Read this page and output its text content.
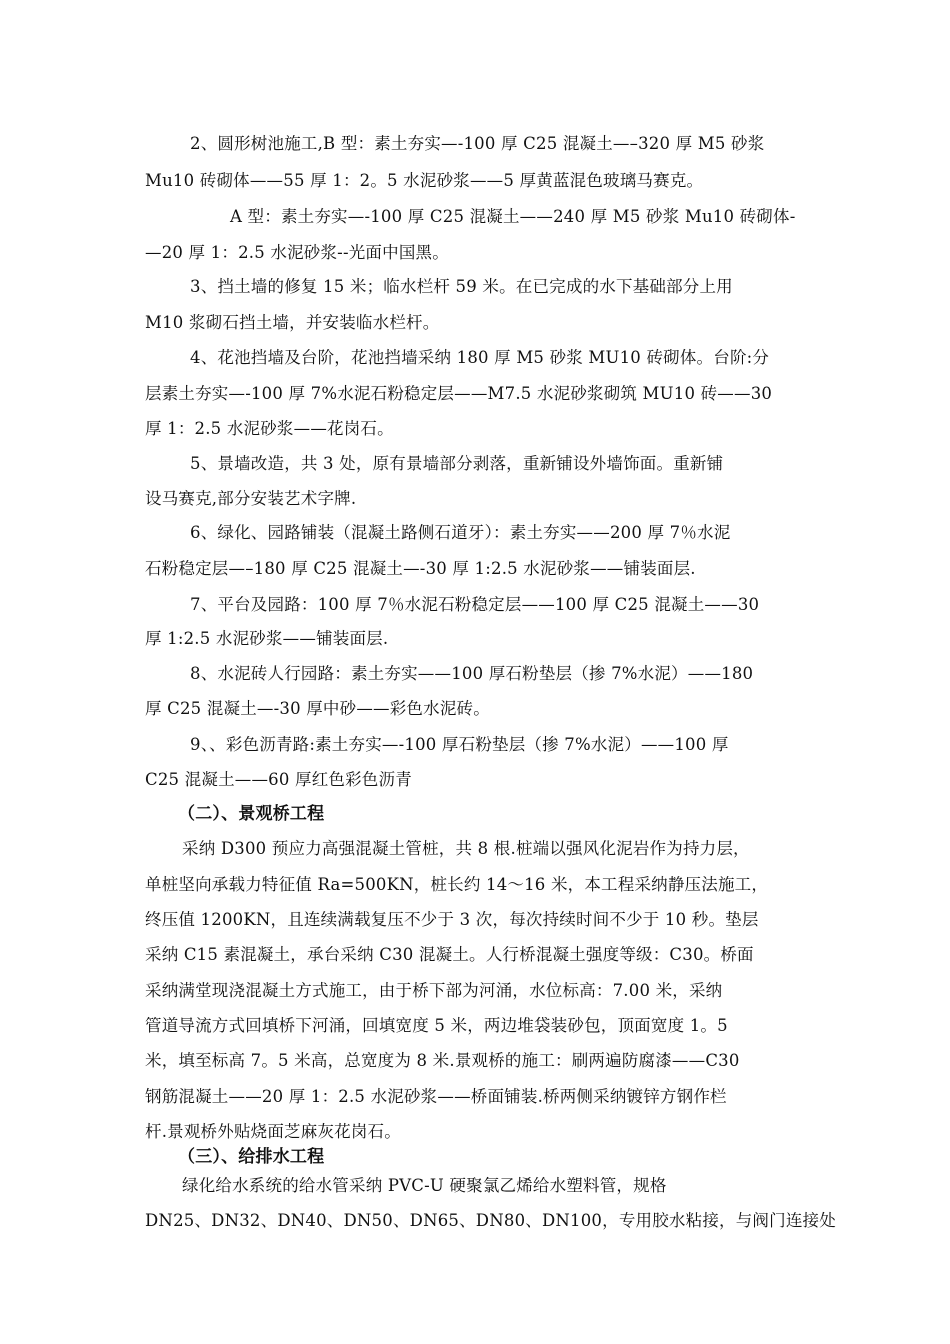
2、圆形树池施工,B 型：素土夯实—-100 厚 C25 混凝土—–320 厚 M5 砂浆
Mu10 砖砌体——55 厚 1：2。5 水泥砂浆——5 厚黄蓝混色玻璃马赛克。
A 型：素土夯实—-100 厚 C25 混凝土——240 厚 M5 砂浆 Mu10 砖砌体-
—20 厚 1：2.5 水泥砂浆--光面中国黑。
3、挡土墙的修复 15 米；临水栏杆 59 米。在已完成的水下基础部分上用
M10 浆砌石挡土墙，并安装临水栏杆。
4、花池挡墙及台阶，花池挡墙采纳 180 厚 M5 砂浆 MU10 砖砌体。台阶:分
层素土夯实—-100 厚 7%水泥石粉稳定层——M7.5 水泥砂浆砌筑 MU10 砖——30
厚 1：2.5 水泥砂浆——花岗石。
5、景墙改造，共 3 处，原有景墙部分剥落，重新铺设外墙饰面。重新铺
设马赛克,部分安装艺术字牌.
6、绿化、园路铺装（混凝土路侧石道牙）：素土夯实——200 厚 7％水泥
石粉稳定层—–180 厚 C25 混凝土—-30 厚 1:2.5 水泥砂浆——铺装面层.
7、平台及园路：100 厚 7％水泥石粉稳定层——100 厚 C25 混凝土——30
厚 1:2.5 水泥砂浆——铺装面层.
8、水泥砖人行园路：素土夯实——100 厚石粉垫层（掺 7%水泥）——180
厚 C25 混凝土—-30 厚中砂——彩色水泥砖。
9、、彩色沥青路:素土夯实—-100 厚石粉垫层（掺 7%水泥）——100 厚
C25 混凝土——60 厚红色彩色沥青
（二）、景观桥工程
采纳 D300 预应力高强混凝土管桩，共 8 根.桩端以强风化泥岩作为持力层，
单桩坚向承载力特征值 Ra=500KN，桩长约 14～16 米，本工程采纳静压法施工，
终压值 1200KN，且连续满载复压不少于 3 次，每次持续时间不少于 10 秒。垫层
采纳 C15 素混凝土，承台采纳 C30 混凝土。人行桥混凝土强度等级：C30。桥面
采纳满堂现浇混凝土方式施工，由于桥下部为河涌，水位标高：7.00 米，采纳
管道导流方式回填桥下河涌，回填宽度 5 米，两边堆袋装砂包，顶面宽度 1。5
米，填至标高 7。5 米高，总宽度为 8 米.景观桥的施工：刷两遍防腐漆——C30
钢筋混凝土——20 厚 1：2.5 水泥砂浆——桥面铺装.桥两侧采纳镀锌方钢作栏
杆.景观桥外贴烧面芝麻灰花岗石。
（三）、给排水工程
绿化给水系统的给水管采纳 PVC-U 硬聚氯乙烯给水塑料管，规格
DN25、DN32、DN40、DN50、DN65、DN80、DN100，专用胶水粘接，与阀门连接处
